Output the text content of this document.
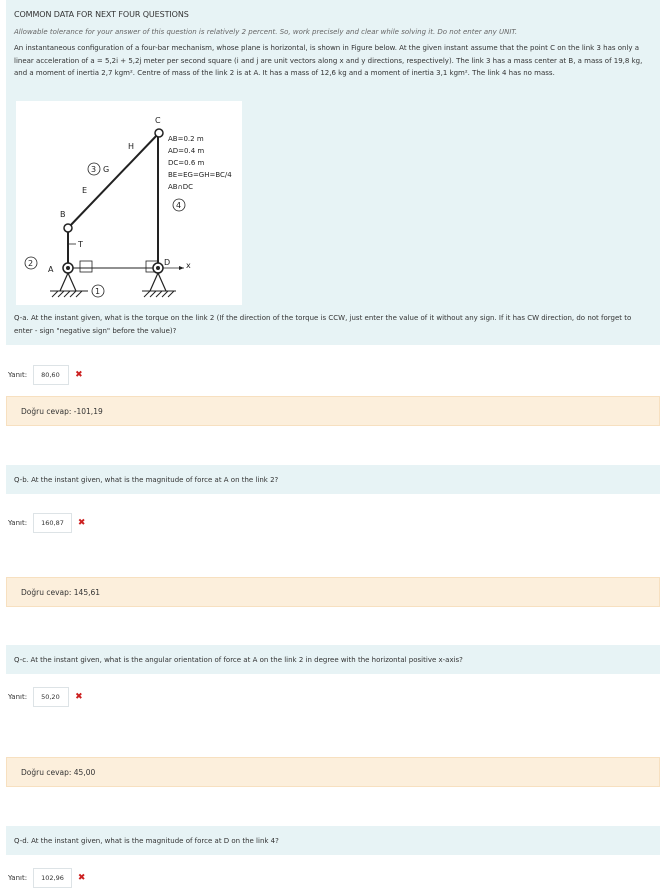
COMMON DATA FOR NEXT FOUR QUESTIONS
Allowable tolerance for your answer of this question is relatively 2 percent. So, work precisely and clear while solving it. Do not enter any UNIT.
An instantaneous configuration of a four-bar mechanism, whose plane is horizontal, is shown in Figure below. At the given instant assume that the point C on the link 3 has only a linear acceleration of a = 5,2i + 5,2j meter per second square (i and j are unit vectors along x and y directions, respectively). The link 3 has a mass center at B, a mass of 19,8 kg, and a moment of inertia 2,7 kgm². Centre of mass of the link 2 is at A. It has a mass of 12,6 kg and a moment of inertia 3,1 kgm². The link 4 has no mass.
C
H
E
B
T
A
D x
2
1
3 G
4
AB=0.2 m
AD=0.4 m
DC=0.6 m
BE=EG=GH=BC/4
AB∩DC
Q-a. At the instant given, what is the torque on the link 2 (If the direction of the torque is CCW, just enter the value of it without any sign. If it has CW direction, do not forget to enter - sign "negative sign" before the value)?
Yanıt:	80,60	✖
Doğru cevap: -101,19
Q-b. At the instant given, what is the magnitude of force at A on the link 2?
Yanıt:	160,87	✖
Doğru cevap: 145,61
Q-c. At the instant given, what is the angular orientation of force at A on the link 2 in degree with the horizontal positive x-axis?
Yanıt:	50,20	✖
Doğru cevap: 45,00
Q-d. At the instant given, what is the magnitude of force at D on the link 4?
Yanıt:	102,96	✖
